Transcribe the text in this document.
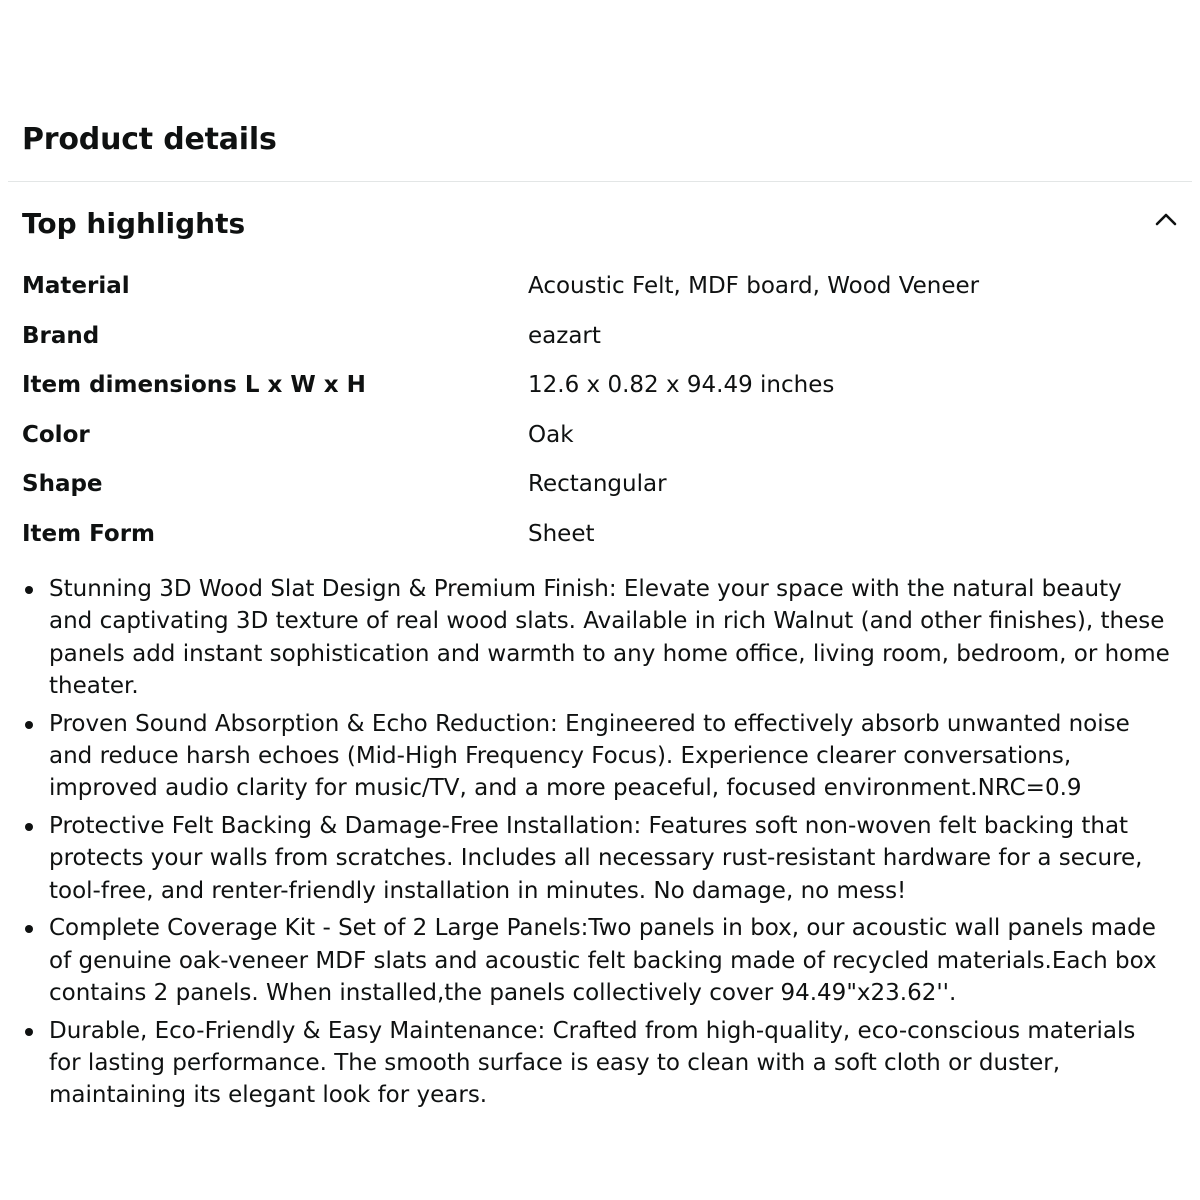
Product details
Top highlights
Material	Acoustic Felt, MDF board, Wood Veneer
Brand	eazart
Item dimensions L x W x H	12.6 x 0.82 x 94.49 inches
Color	Oak
Shape	Rectangular
Item Form	Sheet
Stunning 3D Wood Slat Design & Premium Finish: Elevate your space with the natural beauty and captivating 3D texture of real wood slats. Available in rich Walnut (and other finishes), these panels add instant sophistication and warmth to any home office, living room, bedroom, or home theater.
Proven Sound Absorption & Echo Reduction: Engineered to effectively absorb unwanted noise and reduce harsh echoes (Mid-High Frequency Focus). Experience clearer conversations, improved audio clarity for music/TV, and a more peaceful, focused environment.NRC=0.9
Protective Felt Backing & Damage-Free Installation: Features soft non-woven felt backing that protects your walls from scratches. Includes all necessary rust-resistant hardware for a secure, tool-free, and renter-friendly installation in minutes. No damage, no mess!
Complete Coverage Kit - Set of 2 Large Panels:Two panels in box, our acoustic wall panels made of genuine oak-veneer MDF slats and acoustic felt backing made of recycled materials.Each box contains 2 panels. When installed,the panels collectively cover 94.49"x23.62''.
Durable, Eco-Friendly & Easy Maintenance: Crafted from high-quality, eco-conscious materials for lasting performance. The smooth surface is easy to clean with a soft cloth or duster, maintaining its elegant look for years.
